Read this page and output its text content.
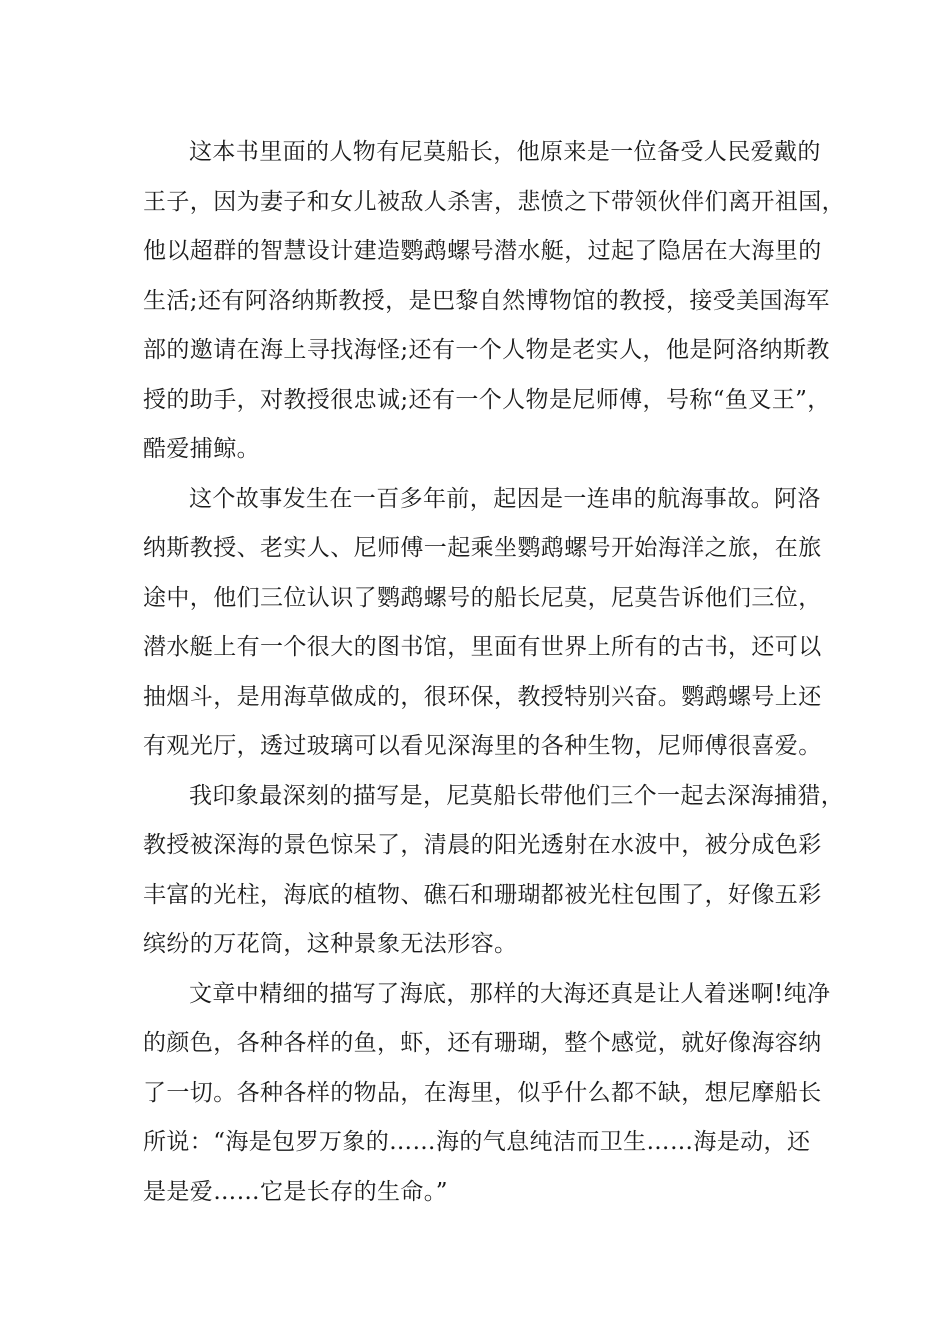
这本书里面的人物有尼莫船长，他原来是一位备受人民爱戴的
王子，因为妻子和女儿被敌人杀害，悲愤之下带领伙伴们离开祖国，
他以超群的智慧设计建造鹦鹉螺号潜水艇，过起了隐居在大海里的
生活;还有阿洛纳斯教授，是巴黎自然博物馆的教授，接受美国海军
部的邀请在海上寻找海怪;还有一个人物是老实人，他是阿洛纳斯教
授的助手，对教授很忠诚;还有一个人物是尼师傅，号称“鱼叉王”，
酷爱捕鲸。
这个故事发生在一百多年前，起因是一连串的航海事故。阿洛
纳斯教授、老实人、尼师傅一起乘坐鹦鹉螺号开始海洋之旅，在旅
途中，他们三位认识了鹦鹉螺号的船长尼莫，尼莫告诉他们三位，
潜水艇上有一个很大的图书馆，里面有世界上所有的古书，还可以
抽烟斗，是用海草做成的，很环保，教授特别兴奋。鹦鹉螺号上还
有观光厅，透过玻璃可以看见深海里的各种生物，尼师傅很喜爱。
我印象最深刻的描写是，尼莫船长带他们三个一起去深海捕猎，
教授被深海的景色惊呆了，清晨的阳光透射在水波中，被分成色彩
丰富的光柱，海底的植物、礁石和珊瑚都被光柱包围了，好像五彩
缤纷的万花筒，这种景象无法形容。
文章中精细的描写了海底，那样的大海还真是让人着迷啊!纯净
的颜色，各种各样的鱼，虾，还有珊瑚，整个感觉，就好像海容纳
了一切。各种各样的物品，在海里，似乎什么都不缺，想尼摩船长
所说：“海是包罗万象的……海的气息纯洁而卫生……海是动，还
是是爱……它是长存的生命。”
